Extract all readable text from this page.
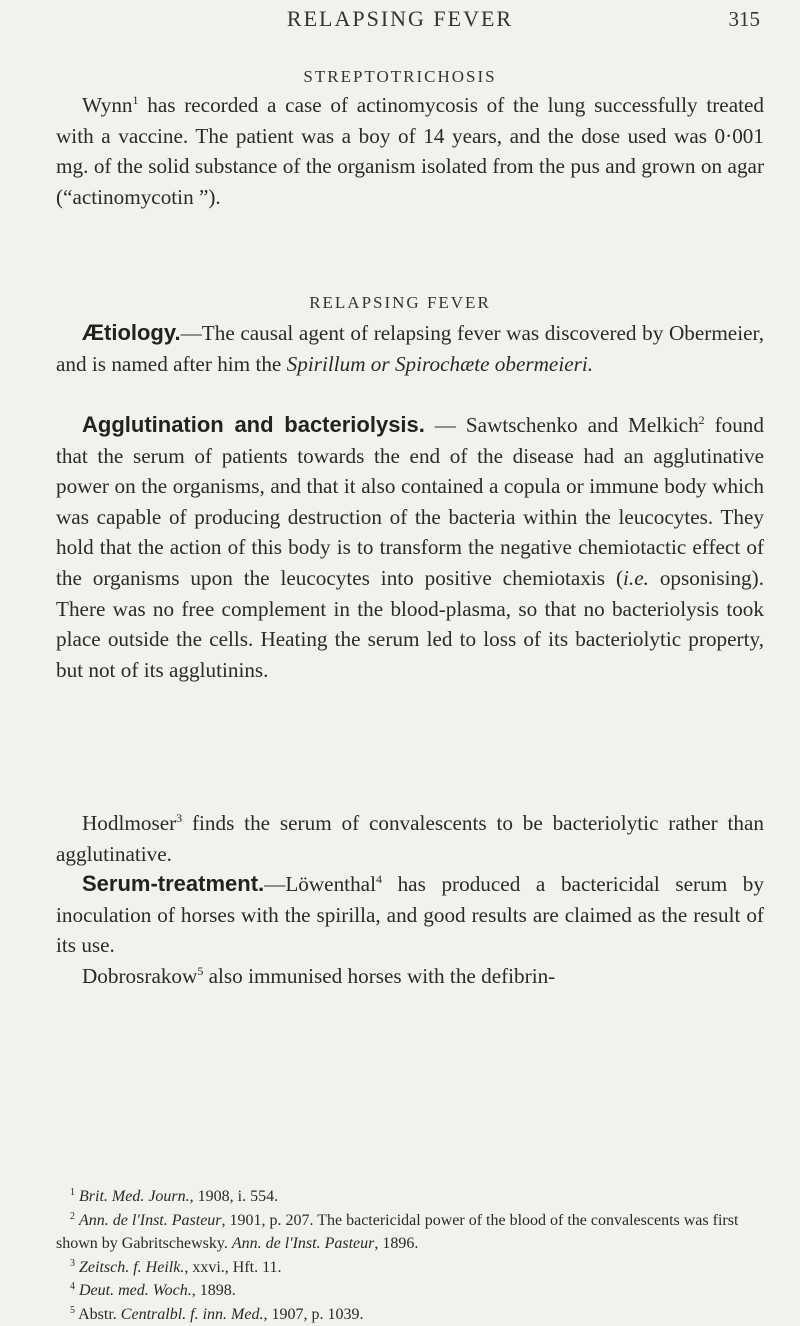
RELAPSING FEVER	315
STREPTOTRICHOSIS

Wynn$^1$ has recorded a case of actinomycosis of the lung successfully treated with a vaccine. The patient was a boy of 14 years, and the dose used was 0·001 mg. of the solid substance of the organism isolated from the pus and grown on agar (“actinomycotin ”).

RELAPSING FEVER

Ætiology.—The causal agent of relapsing fever was discovered by Obermeier, and is named after him the Spirillum or Spirochæte obermeieri.

Agglutination and bacteriolysis. — Sawtschenko and Melkich$^2$ found that the serum of patients towards the end of the disease had an agglutinative power on the organisms, and that it also contained a copula or immune body which was capable of producing destruction of the bacteria within the leucocytes. They hold that the action of this body is to transform the negative chemiotactic effect of the organisms upon the leucocytes into positive chemiotaxis (i.e. opsonising). There was no free complement in the blood-plasma, so that no bacteriolysis took place outside the cells. Heating the serum led to loss of its bacteriolytic property, but not of its agglutinins.

Hodlmoser$^3$ finds the serum of convalescents to be bacteriolytic rather than agglutinative.

Serum-treatment.—Löwenthal$^4$ has produced a bactericidal serum by inoculation of horses with the spirilla, and good results are claimed as the result of its use.

Dobrosrakow$^5$ also immunised horses with the defibrin-

$^1$ Brit. Med. Journ., 1908, i. 554.

$^2$ Ann. de l'Inst. Pasteur, 1901, p. 207. The bactericidal power of the blood of the convalescents was first shown by Gabritschewsky. Ann. de l'Inst. Pasteur, 1896.

$^3$ Zeitsch. f. Heilk., xxvi., Hft. 11.

$^4$ Deut. med. Woch., 1898.

$^5$ Abstr. Centralbl. f. inn. Med., 1907, p. 1039.
